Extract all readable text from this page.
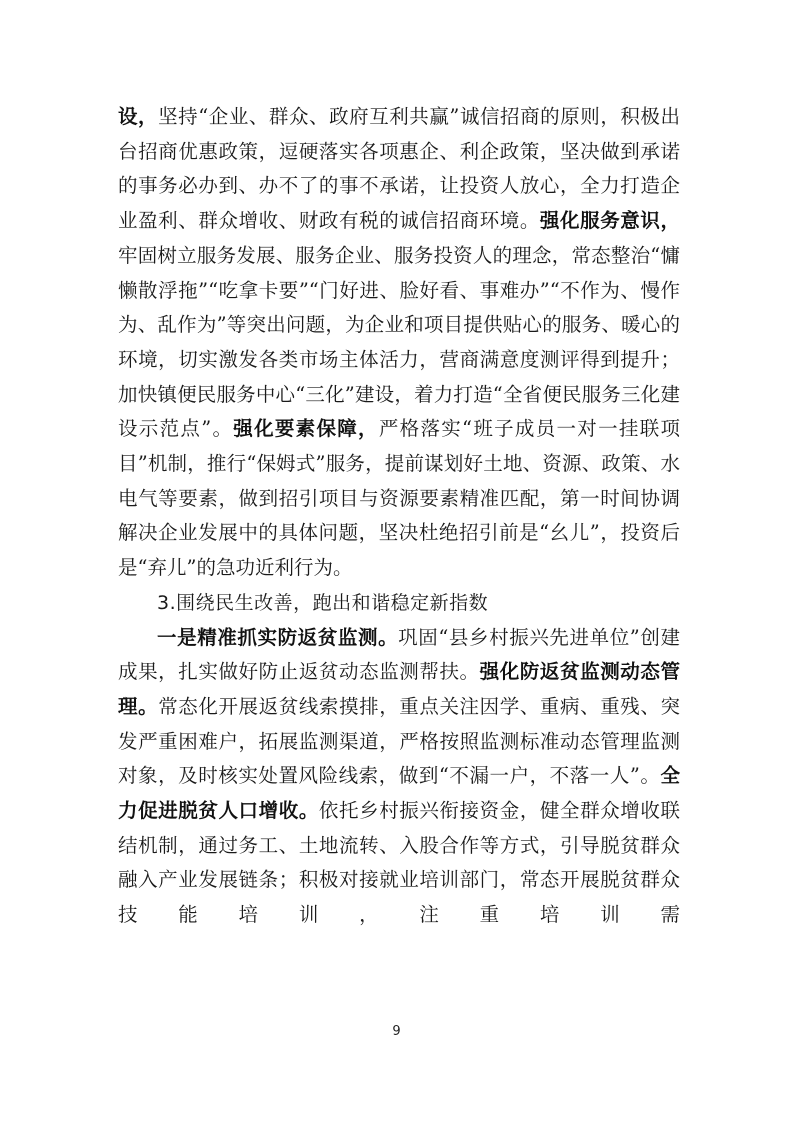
设，坚持“企业、群众、政府互利共赢”诚信招商的原则，积极出台招商优惠政策，逗硬落实各项惠企、利企政策，坚决做到承诺的事务必办到、办不了的事不承诺，让投资人放心，全力打造企业盈利、群众增收、财政有税的诚信招商环境。强化服务意识，牢固树立服务发展、服务企业、服务投资人的理念，常态整治“慵懒散浮拖”“吃拿卡要”“门好进、脸好看、事难办”“不作为、慢作为、乱作为”等突出问题，为企业和项目提供贴心的服务、暖心的环境，切实激发各类市场主体活力，营商满意度测评得到提升；加快镇便民服务中心“三化”建设，着力打造“全省便民服务三化建设示范点”。强化要素保障，严格落实“班子成员一对一挂联项目”机制，推行“保姆式”服务，提前谋划好土地、资源、政策、水电气等要素，做到招引项目与资源要素精准匹配，第一时间协调解决企业发展中的具体问题，坚决杜绝招引前是“幺儿”，投资后是“弃儿”的急功近利行为。

3.围绕民生改善，跑出和谐稳定新指数

一是精准抓实防返贫监测。巩固“县乡村振兴先进单位”创建成果，扎实做好防止返贫动态监测帮扶。强化防返贫监测动态管理。常态化开展返贫线索摸排，重点关注因学、重病、重残、突发严重困难户，拓展监测渠道，严格按照监测标准动态管理监测对象，及时核实处置风险线索，做到“不漏一户，不落一人”。全力促进脱贫人口增收。依托乡村振兴衔接资金，健全群众增收联结机制，通过务工、土地流转、入股合作等方式，引导脱贫群众融入产业发展链条；积极对接就业培训部门，常态开展脱贫群众技能培训，注重培训需

9
